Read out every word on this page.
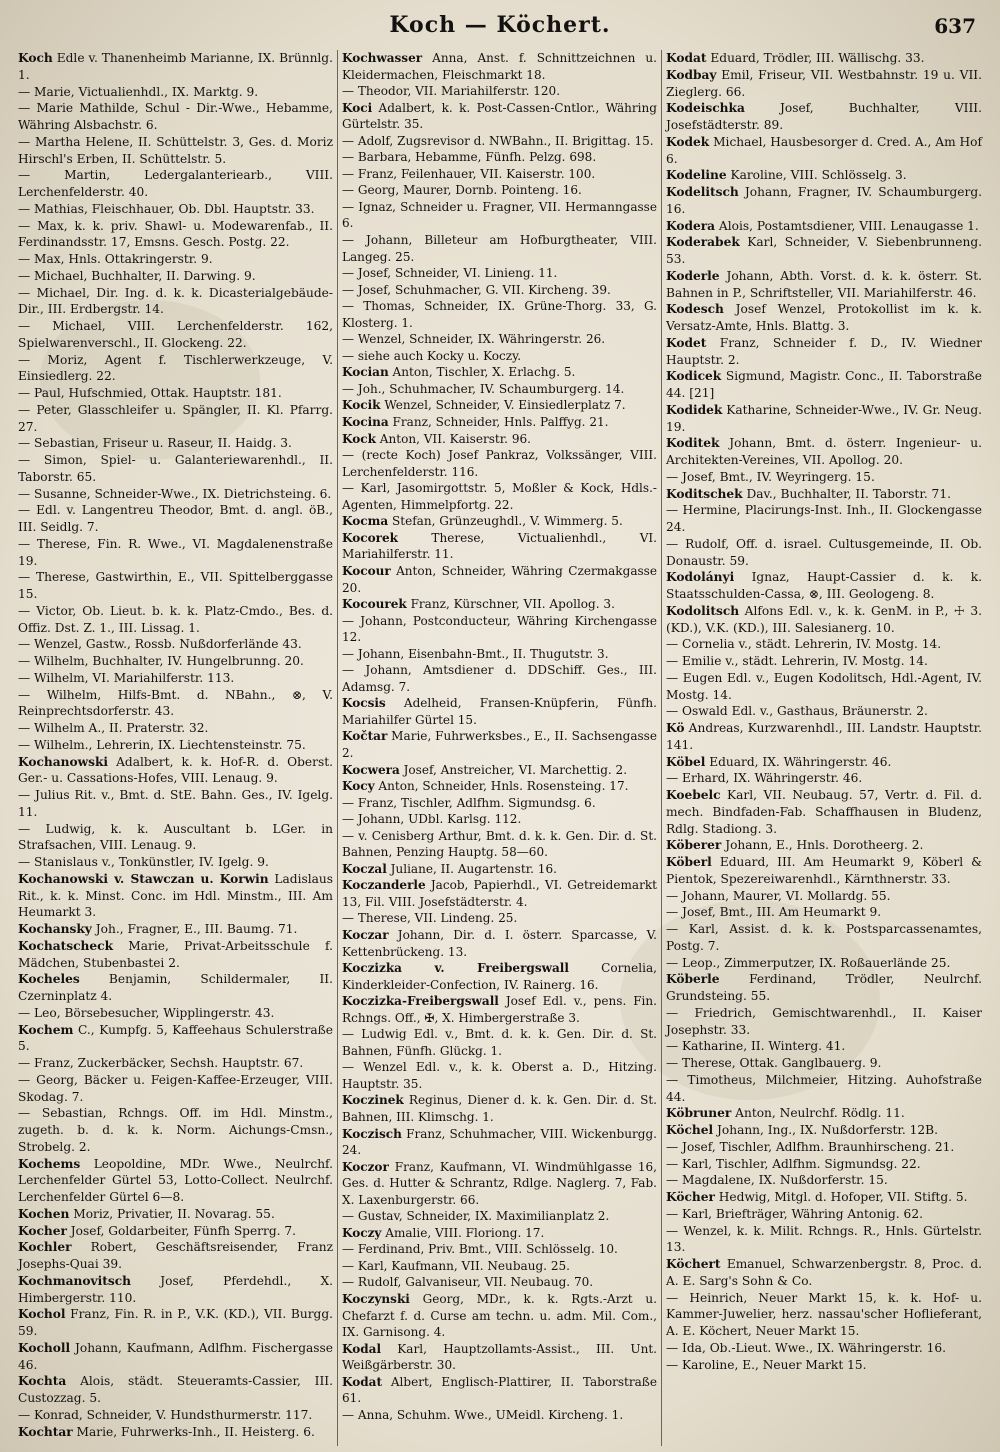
Koch — Köchert.	637
Koch Edle v. Thanenheimb Marianne, IX. Brünnlg. 1.
— Marie, Victualienhdl., IX. Marktg. 9.
— Marie Mathilde, Schul - Dir.-Wwe., Hebamme, Währing Alsbachstr. 6.
— Martha Helene, II. Schüttelstr. 3, Ges. d. Moriz Hirschl's Erben, II. Schüttelstr. 5.
— Martin, Ledergalanteriearb., VIII. Lerchenfelderstr. 40.
— Mathias, Fleischhauer, Ob. Dbl. Hauptstr. 33.
— Max, k. k. priv. Shawl- u. Modewarenfab., II. Ferdinandsstr. 17, Emsns. Gesch. Postg. 22.
— Max, Hnls. Ottakringerstr. 9.
— Michael, Buchhalter, II. Darwing. 9.
— Michael, Dir. Ing. d. k. k. Dicasterialgebäude-Dir., III. Erdbergstr. 14.
— Michael, VIII. Lerchenfelderstr. 162, Spielwarenverschl., II. Glockeng. 22.
— Moriz, Agent f. Tischlerwerkzeuge, V. Einsiedlerg. 22.
— Paul, Hufschmied, Ottak. Hauptstr. 181.
— Peter, Glasschleifer u. Spängler, II. Kl. Pfarrg. 27.
— Sebastian, Friseur u. Raseur, II. Haidg. 3.
— Simon, Spiel- u. Galanteriewarenhdl., II. Taborstr. 65.
— Susanne, Schneider-Wwe., IX. Dietrichsteing. 6.
— Edl. v. Langentreu Theodor, Bmt. d. angl. öB., III. Seidlg. 7.
— Therese, Fin. R. Wwe., VI. Magdalenenstraße 19.
— Therese, Gastwirthin, E., VII. Spittelberggasse 15.
— Victor, Ob. Lieut. b. k. k. Platz-Cmdo., Bes. d. Offiz. Dst. Z. 1., III. Lissag. 1.
— Wenzel, Gastw., Rossb. Nußdorferlände 43.
— Wilhelm, Buchhalter, IV. Hungelbrunng. 20.
— Wilhelm, VI. Mariahilferstr. 113.
— Wilhelm, Hilfs-Bmt. d. NBahn., ⊗, V. Reinprechtsdorferstr. 43.
— Wilhelm A., II. Praterstr. 32.
— Wilhelm., Lehrerin, IX. Liechtensteinstr. 75.
Kochanowski Adalbert, k. k. Hof-R. d. Oberst. Ger.- u. Cassations-Hofes, VIII. Lenaug. 9.
— Julius Rit. v., Bmt. d. StE. Bahn. Ges., IV. Igelg. 11.
— Ludwig, k. k. Auscultant b. LGer. in Strafsachen, VIII. Lenaug. 9.
— Stanislaus v., Tonkünstler, IV. Igelg. 9.
Kochanowski v. Stawczan u. Korwin Ladislaus Rit., k. k. Minst. Conc. im Hdl. Minstm., III. Am Heumarkt 3.
Kochansky Joh., Fragner, E., III. Baumg. 71.
Kochatscheck Marie, Privat-Arbeitsschule f. Mädchen, Stubenbastei 2.
Kocheles Benjamin, Schildermaler, II. Czerninplatz 4.
— Leo, Börsebesucher, Wipplingerstr. 43.
Kochem C., Kumpfg. 5, Kaffeehaus Schulerstraße 5.
— Franz, Zuckerbäcker, Sechsh. Hauptstr. 67.
— Georg, Bäcker u. Feigen-Kaffee-Erzeuger, VIII. Skodag. 7.
— Sebastian, Rchngs. Off. im Hdl. Minstm., zugeth. b. d. k. k. Norm. Aichungs-Cmsn., Strobelg. 2.
Kochems Leopoldine, MDr. Wwe., Neulrchf. Lerchenfelder Gürtel 53, Lotto-Collect. Neulrchf. Lerchenfelder Gürtel 6—8.
Kochen Moriz, Privatier, II. Novarag. 55.
Kocher Josef, Goldarbeiter, Fünfh Sperrg. 7.
Kochler Robert, Geschäftsreisender, Franz Josephs-Quai 39.
Kochmanovitsch Josef, Pferdehdl., X. Himbergerstr. 110.
Kochol Franz, Fin. R. in P., V.K. (KD.), VII. Burgg. 59.
Kocholl Johann, Kaufmann, Adlfhm. Fischergasse 46.
Kochta Alois, städt. Steueramts-Cassier, III. Custozzag. 5.
— Konrad, Schneider, V. Hundsthurmerstr. 117.
Kochtar Marie, Fuhrwerks-Inh., II. Heisterg. 6.
Kochwasser Anna, Anst. f. Schnittzeichnen u. Kleidermachen, Fleischmarkt 18.
— Theodor, VII. Mariahilferstr. 120.
Koci Adalbert, k. k. Post-Cassen-Cntlor., Währing Gürtelstr. 35.
— Adolf, Zugsrevisor d. NWBahn., II. Brigittag. 15.
— Barbara, Hebamme, Fünfh. Pelzg. 698.
— Franz, Feilenhauer, VII. Kaiserstr. 100.
— Georg, Maurer, Dornb. Pointeng. 16.
— Ignaz, Schneider u. Fragner, VII. Hermanngasse 6.
— Johann, Billeteur am Hofburgtheater, VIII. Langeg. 25.
— Josef, Schneider, VI. Linieng. 11.
— Josef, Schuhmacher, G. VII. Kircheng. 39.
— Thomas, Schneider, IX. Grüne-Thorg. 33, G. Klosterg. 1.
— Wenzel, Schneider, IX. Währingerstr. 26.
— siehe auch Kocky u. Koczy.
Kocian Anton, Tischler, X. Erlachg. 5.
— Joh., Schuhmacher, IV. Schaumburgerg. 14.
Kocik Wenzel, Schneider, V. Einsiedlerplatz 7.
Kocina Franz, Schneider, Hnls. Palffyg. 21.
Kock Anton, VII. Kaiserstr. 96.
— (recte Koch) Josef Pankraz, Volkssänger, VIII. Lerchenfelderstr. 116.
— Karl, Jasomirgottstr. 5, Moßler & Kock, Hdls.-Agenten, Himmelpfortg. 22.
Kocma Stefan, Grünzeughdl., V. Wimmerg. 5.
Kocorek Therese, Victualienhdl., VI. Mariahilferstr. 11.
Kocour Anton, Schneider, Währing Czermakgasse 20.
Kocourek Franz, Kürschner, VII. Apollog. 3.
— Johann, Postconducteur, Währing Kirchengasse 12.
— Johann, Eisenbahn-Bmt., II. Thugutstr. 3.
— Johann, Amtsdiener d. DDSchiff. Ges., III. Adamsg. 7.
Kocsis Adelheid, Fransen-Knüpferin, Fünfh. Mariahilfer Gürtel 15.
Kočtar Marie, Fuhrwerksbes., E., II. Sachsengasse 2.
Kocwera Josef, Anstreicher, VI. Marchettig. 2.
Kocy Anton, Schneider, Hnls. Rosensteing. 17.
— Franz, Tischler, Adlfhm. Sigmundsg. 6.
— Johann, UDbl. Karlsg. 112.
— v. Cenisberg Arthur, Bmt. d. k. k. Gen. Dir. d. St. Bahnen, Penzing Hauptg. 58—60.
Koczal Juliane, II. Augartenstr. 16.
Koczanderle Jacob, Papierhdl., VI. Getreidemarkt 13, Fil. VIII. Josefstädterstr. 4.
— Therese, VII. Lindeng. 25.
Koczar Johann, Dir. d. I. österr. Sparcasse, V. Kettenbrückeng. 13.
Koczizka v. Freibergswall Cornelia, Kinderkleider-Confection, IV. Rainerg. 16.
Koczizka-Freibergswall Josef Edl. v., pens. Fin. Rchngs. Off., ✠, X. Himbergerstraße 3.
— Ludwig Edl. v., Bmt. d. k. k. Gen. Dir. d. St. Bahnen, Fünfh. Glückg. 1.
— Wenzel Edl. v., k. k. Oberst a. D., Hitzing. Hauptstr. 35.
Koczinek Reginus, Diener d. k. k. Gen. Dir. d. St. Bahnen, III. Klimschg. 1.
Koczisch Franz, Schuhmacher, VIII. Wickenburgg. 24.
Koczor Franz, Kaufmann, VI. Windmühlgasse 16, Ges. d. Hutter & Schrantz, Rdlge. Naglerg. 7, Fab. X. Laxenburgerstr. 66.
— Gustav, Schneider, IX. Maximilianplatz 2.
Koczy Amalie, VIII. Floriong. 17.
— Ferdinand, Priv. Bmt., VIII. Schlösselg. 10.
— Karl, Kaufmann, VII. Neubaug. 25.
— Rudolf, Galvaniseur, VII. Neubaug. 70.
Koczynski Georg, MDr., k. k. Rgts.-Arzt u. Chefarzt f. d. Curse am techn. u. adm. Mil. Com., IX. Garnisong. 4.
Kodal Karl, Hauptzollamts-Assist., III. Unt. Weißgärberstr. 30.
Kodat Albert, Englisch-Plattirer, II. Taborstraße 61.
— Anna, Schuhm. Wwe., UMeidl. Kircheng. 1.
Kodat Eduard, Trödler, III. Wällischg. 33.
Kodbay Emil, Friseur, VII. Westbahnstr. 19 u. VII. Zieglerg. 66.
Kodeischka Josef, Buchhalter, VIII. Josefstädterstr. 89.
Kodek Michael, Hausbesorger d. Cred. A., Am Hof 6.
Kodeline Karoline, VIII. Schlösselg. 3.
Kodelitsch Johann, Fragner, IV. Schaumburgerg. 16.
Kodera Alois, Postamtsdiener, VIII. Lenaugasse 1.
Koderabek Karl, Schneider, V. Siebenbrunneng. 53.
Koderle Johann, Abth. Vorst. d. k. k. österr. St. Bahnen in P., Schriftsteller, VII. Mariahilferstr. 46.
Kodesch Josef Wenzel, Protokollist im k. k. Versatz-Amte, Hnls. Blattg. 3.
Kodet Franz, Schneider f. D., IV. Wiedner Hauptstr. 2.
Kodicek Sigmund, Magistr. Conc., II. Taborstraße 44. [21]
Kodidek Katharine, Schneider-Wwe., IV. Gr. Neug. 19.
Koditek Johann, Bmt. d. österr. Ingenieur- u. Architekten-Vereines, VII. Apollog. 20.
— Josef, Bmt., IV. Weyringerg. 15.
Koditschek Dav., Buchhalter, II. Taborstr. 71.
— Hermine, Placirungs-Inst. Inh., II. Glockengasse 24.
— Rudolf, Off. d. israel. Cultusgemeinde, II. Ob. Donaustr. 59.
Kodolányi Ignaz, Haupt-Cassier d. k. k. Staatsschulden-Cassa, ⊗, III. Geologeng. 8.
Kodolitsch Alfons Edl. v., k. k. GenM. in P., ☩ 3. (KD.), V.K. (KD.), III. Salesianerg. 10.
— Cornelia v., städt. Lehrerin, IV. Mostg. 14.
— Emilie v., städt. Lehrerin, IV. Mostg. 14.
— Eugen Edl. v., Eugen Kodolitsch, Hdl.-Agent, IV. Mostg. 14.
— Oswald Edl. v., Gasthaus, Bräunerstr. 2.
Kö Andreas, Kurzwarenhdl., III. Landstr. Hauptstr. 141.
Köbel Eduard, IX. Währingerstr. 46.
— Erhard, IX. Währingerstr. 46.
Koebelc Karl, VII. Neubaug. 57, Vertr. d. Fil. d. mech. Bindfaden-Fab. Schaffhausen in Bludenz, Rdlg. Stadiong. 3.
Köberer Johann, E., Hnls. Dorotheerg. 2.
Köberl Eduard, III. Am Heumarkt 9, Köberl & Pientok, Spezereiwarenhdl., Kärnthnerstr. 33.
— Johann, Maurer, VI. Mollardg. 55.
— Josef, Bmt., III. Am Heumarkt 9.
— Karl, Assist. d. k. k. Postsparcassenamtes, Postg. 7.
— Leop., Zimmerputzer, IX. Roßauerlände 25.
Köberle Ferdinand, Trödler, Neulrchf. Grundsteing. 55.
— Friedrich, Gemischtwarenhdl., II. Kaiser Josephstr. 33.
— Katharine, II. Winterg. 41.
— Therese, Ottak. Ganglbauerg. 9.
— Timotheus, Milchmeier, Hitzing. Auhofstraße 44.
Köbruner Anton, Neulrchf. Rödlg. 11.
Köchel Johann, Ing., IX. Nußdorferstr. 12B.
— Josef, Tischler, Adlfhm. Braunhirscheng. 21.
— Karl, Tischler, Adlfhm. Sigmundsg. 22.
— Magdalene, IX. Nußdorferstr. 15.
Köcher Hedwig, Mitgl. d. Hofoper, VII. Stiftg. 5.
— Karl, Briefträger, Währing Antonig. 62.
— Wenzel, k. k. Milit. Rchngs. R., Hnls. Gürtelstr. 13.
Köchert Emanuel, Schwarzenbergstr. 8, Proc. d. A. E. Sarg's Sohn & Co.
— Heinrich, Neuer Markt 15, k. k. Hof- u. Kammer-Juwelier, herz. nassau'scher Hoflieferant, A. E. Köchert, Neuer Markt 15.
— Ida, Ob.-Lieut. Wwe., IX. Währingerstr. 16.
— Karoline, E., Neuer Markt 15.
